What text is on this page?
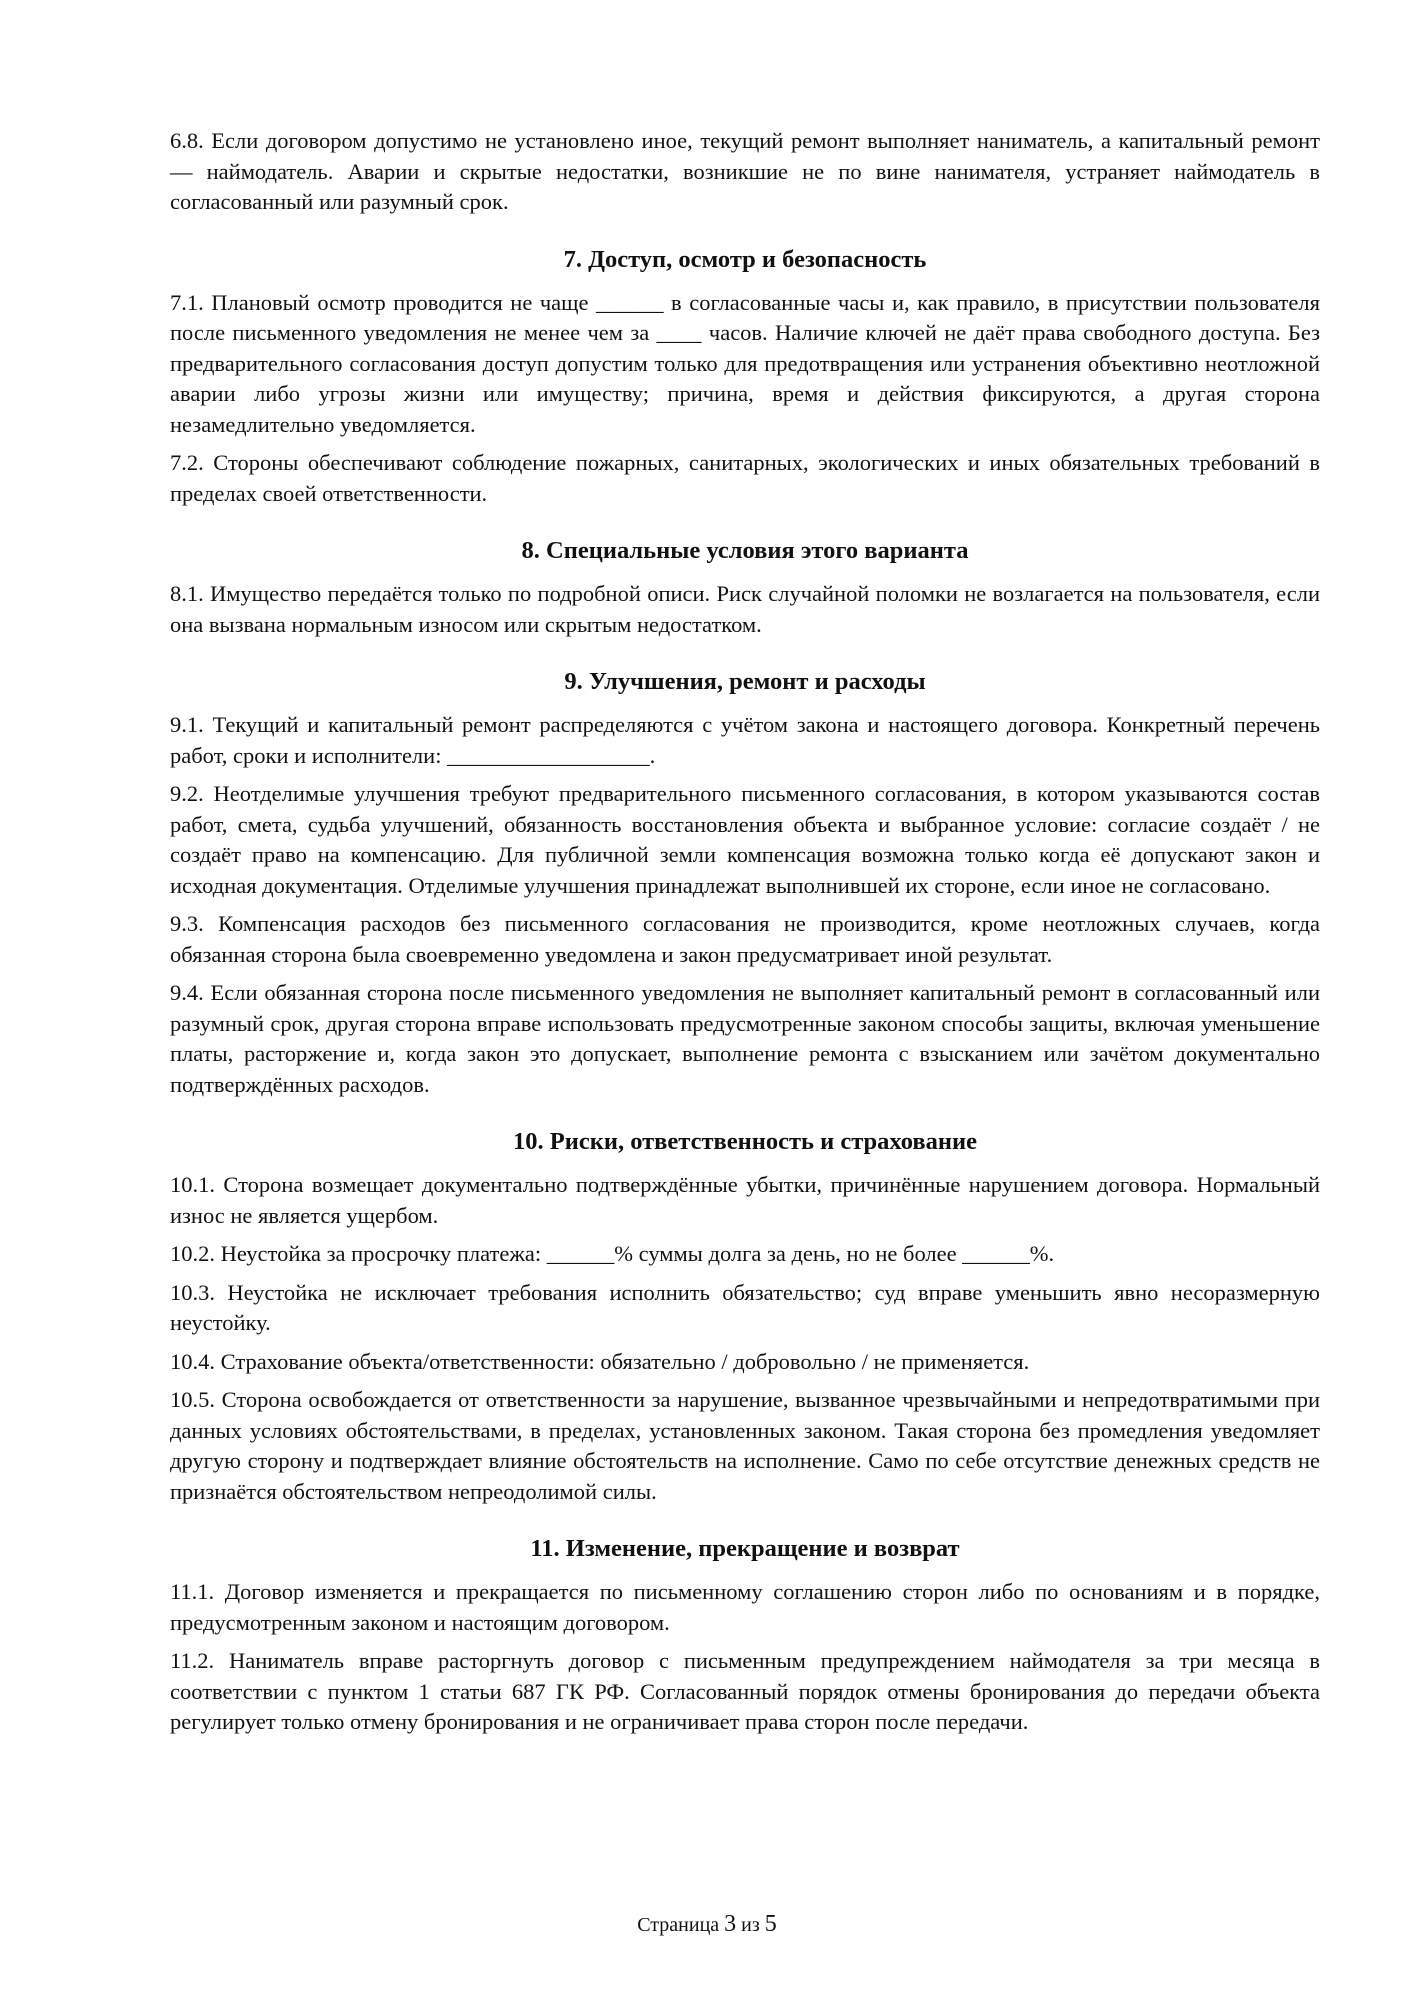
6.8. Если договором допустимо не установлено иное, текущий ремонт выполняет наниматель, а капитальный ремонт — наймодатель. Аварии и скрытые недостатки, возникшие не по вине нанимателя, устраняет наймодатель в согласованный или разумный срок.

7. Доступ, осмотр и безопасность

7.1. Плановый осмотр проводится не чаще ______ в согласованные часы и, как правило, в присутствии пользователя после письменного уведомления не менее чем за ____ часов. Наличие ключей не даёт права свободного доступа. Без предварительного согласования доступ допустим только для предотвращения или устранения объективно неотложной аварии либо угрозы жизни или имуществу; причина, время и действия фиксируются, а другая сторона незамедлительно уведомляется.

7.2. Стороны обеспечивают соблюдение пожарных, санитарных, экологических и иных обязательных требований в пределах своей ответственности.

8. Специальные условия этого варианта

8.1. Имущество передаётся только по подробной описи. Риск случайной поломки не возлагается на пользователя, если она вызвана нормальным износом или скрытым недостатком.

9. Улучшения, ремонт и расходы

9.1. Текущий и капитальный ремонт распределяются с учётом закона и настоящего договора. Конкретный перечень работ, сроки и исполнители: __________________.

9.2. Неотделимые улучшения требуют предварительного письменного согласования, в котором указываются состав работ, смета, судьба улучшений, обязанность восстановления объекта и выбранное условие: согласие создаёт / не создаёт право на компенсацию. Для публичной земли компенсация возможна только когда её допускают закон и исходная документация. Отделимые улучшения принадлежат выполнившей их стороне, если иное не согласовано.

9.3. Компенсация расходов без письменного согласования не производится, кроме неотложных случаев, когда обязанная сторона была своевременно уведомлена и закон предусматривает иной результат.

9.4. Если обязанная сторона после письменного уведомления не выполняет капитальный ремонт в согласованный или разумный срок, другая сторона вправе использовать предусмотренные законом способы защиты, включая уменьшение платы, расторжение и, когда закон это допускает, выполнение ремонта с взысканием или зачётом документально подтверждённых расходов.

10. Риски, ответственность и страхование

10.1. Сторона возмещает документально подтверждённые убытки, причинённые нарушением договора. Нормальный износ не является ущербом.

10.2. Неустойка за просрочку платежа: ______% суммы долга за день, но не более ______%.

10.3. Неустойка не исключает требования исполнить обязательство; суд вправе уменьшить явно несоразмерную неустойку.

10.4. Страхование объекта/ответственности: обязательно / добровольно / не применяется.

10.5. Сторона освобождается от ответственности за нарушение, вызванное чрезвычайными и непредотвратимыми при данных условиях обстоятельствами, в пределах, установленных законом. Такая сторона без промедления уведомляет другую сторону и подтверждает влияние обстоятельств на исполнение. Само по себе отсутствие денежных средств не признаётся обстоятельством непреодолимой силы.

11. Изменение, прекращение и возврат

11.1. Договор изменяется и прекращается по письменному соглашению сторон либо по основаниям и в порядке, предусмотренным законом и настоящим договором.

11.2. Наниматель вправе расторгнуть договор с письменным предупреждением наймодателя за три месяца в соответствии с пунктом 1 статьи 687 ГК РФ. Согласованный порядок отмены бронирования до передачи объекта регулирует только отмену бронирования и не ограничивает права сторон после передачи.

Страница 3 из 5
